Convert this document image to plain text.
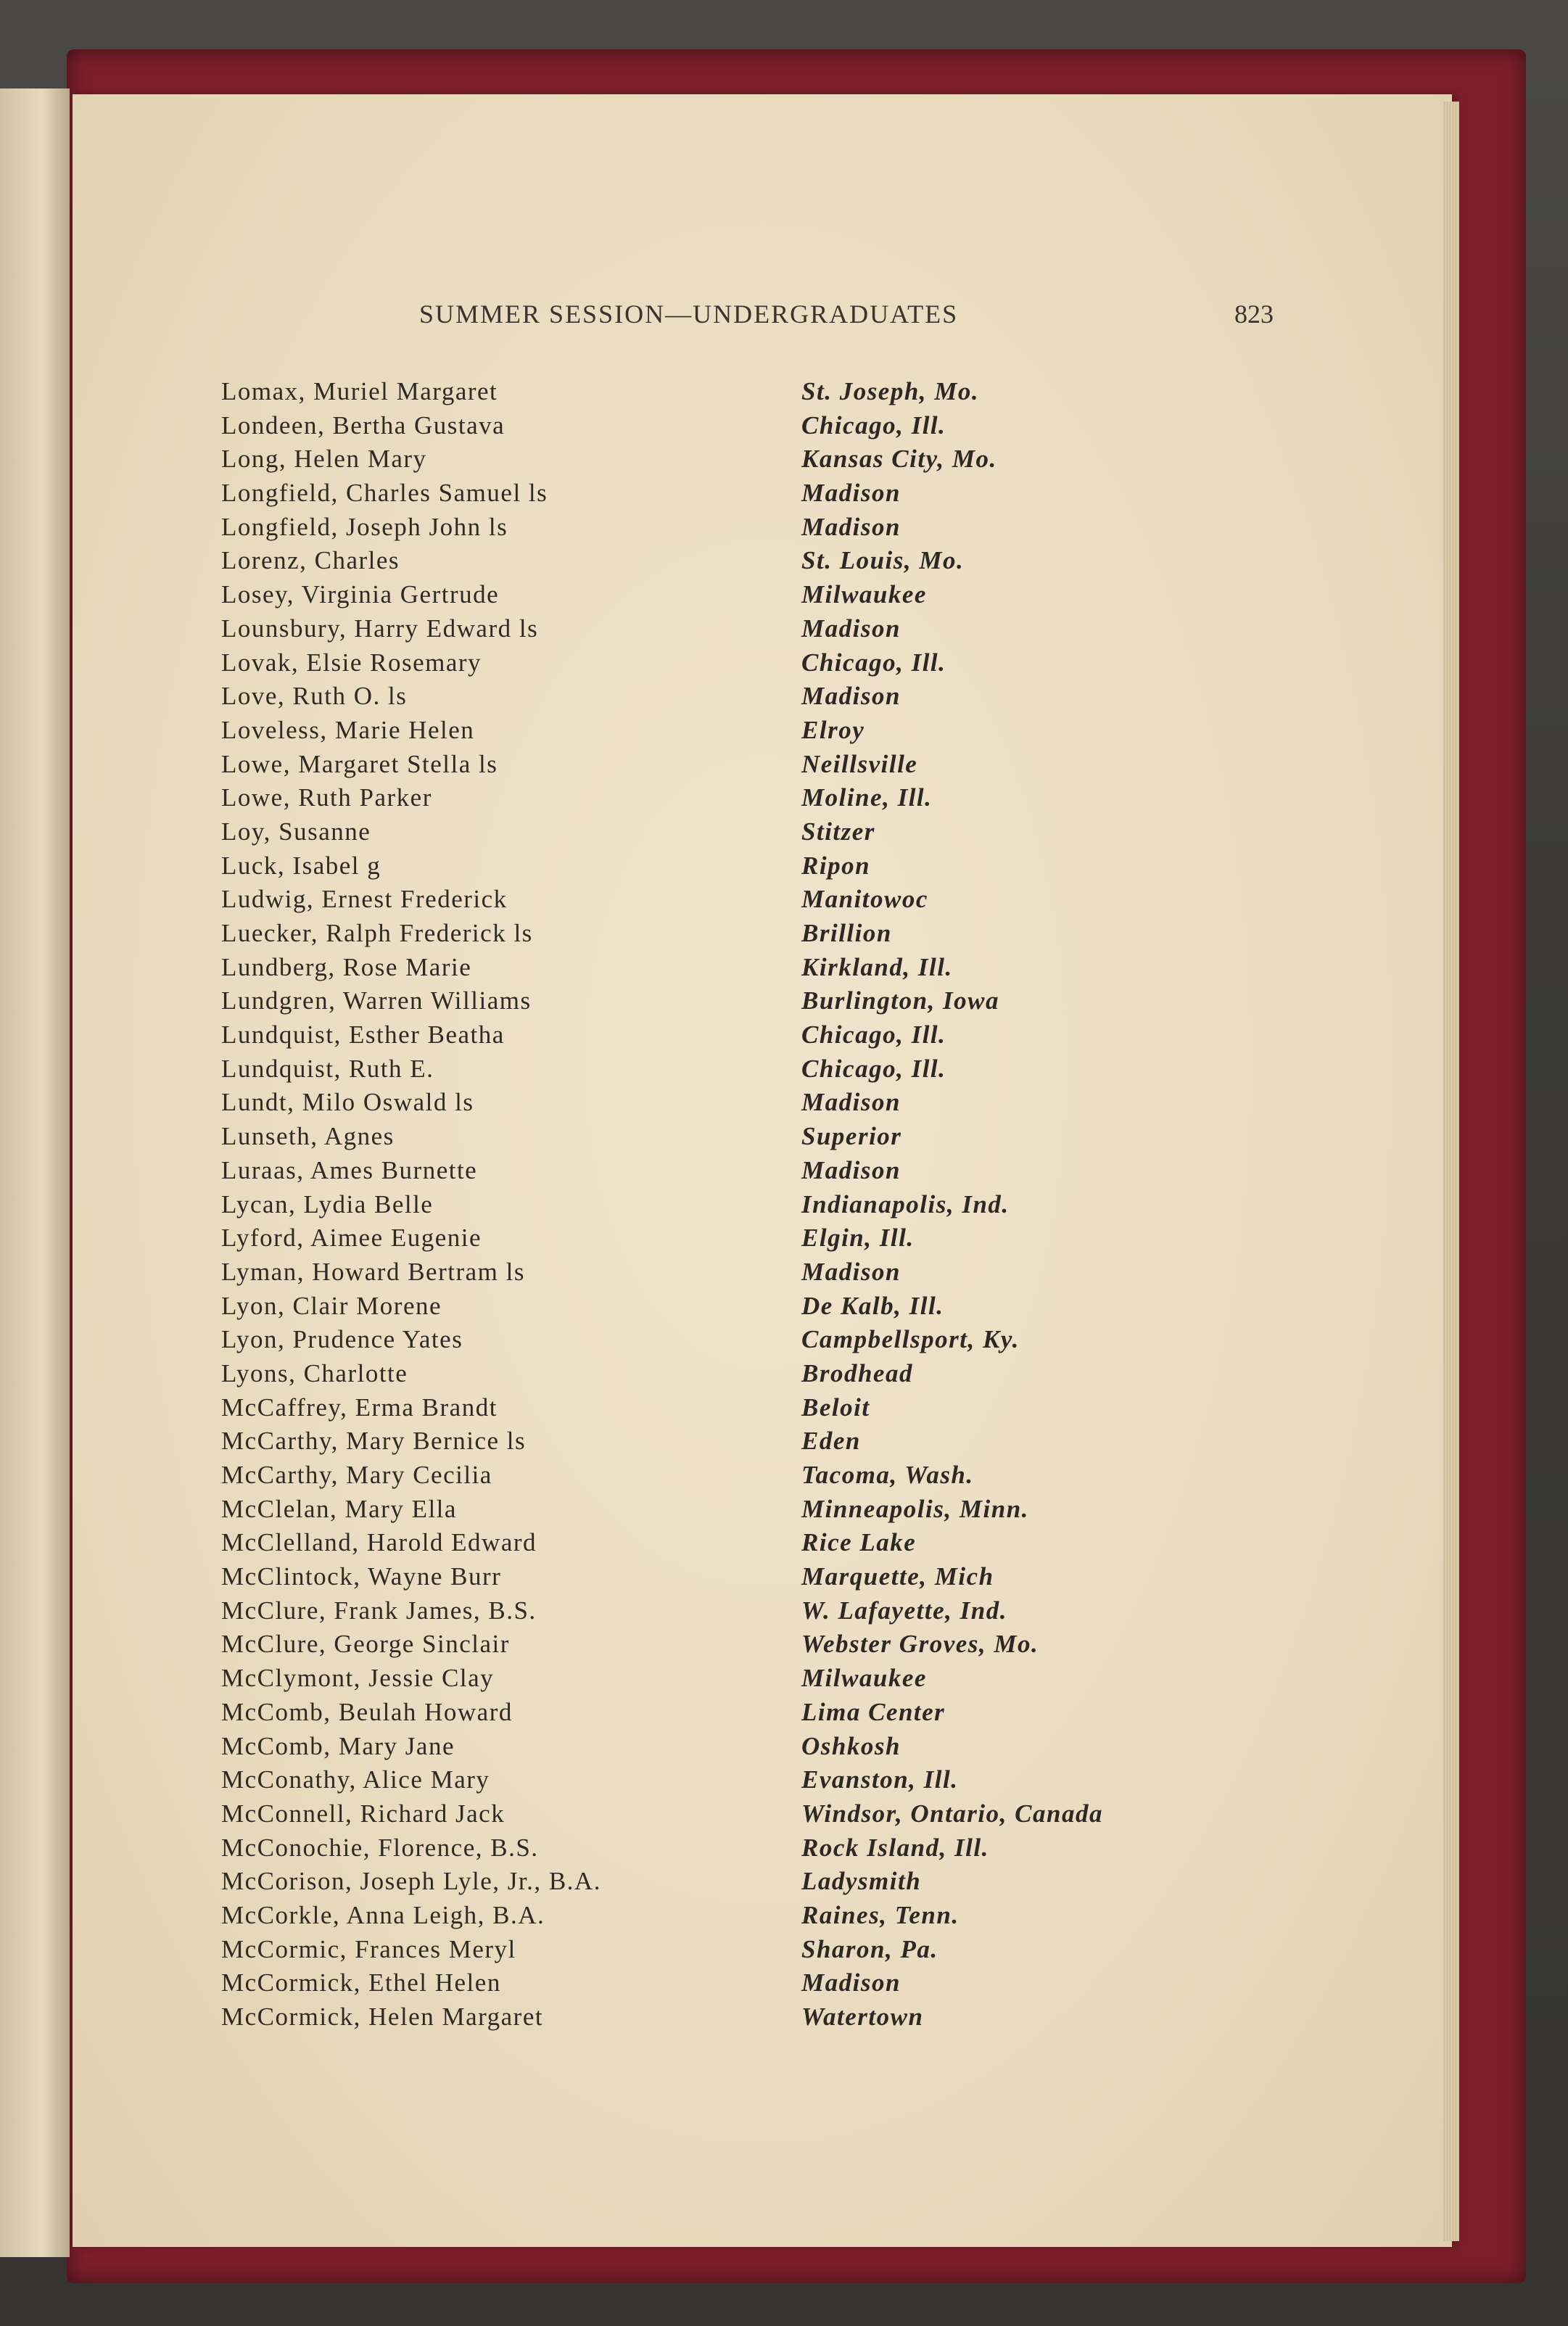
SUMMER SESSION—UNDERGRADUATES	823
Lomax, Muriel Margaret	St. Joseph, Mo.
Londeen, Bertha Gustava	Chicago, Ill.
Long, Helen Mary	Kansas City, Mo.
Longfield, Charles Samuel ls	Madison
Longfield, Joseph John ls	Madison
Lorenz, Charles	St. Louis, Mo.
Losey, Virginia Gertrude	Milwaukee
Lounsbury, Harry Edward ls	Madison
Lovak, Elsie Rosemary	Chicago, Ill.
Love, Ruth O. ls	Madison
Loveless, Marie Helen	Elroy
Lowe, Margaret Stella ls	Neillsville
Lowe, Ruth Parker	Moline, Ill.
Loy, Susanne	Stitzer
Luck, Isabel g	Ripon
Ludwig, Ernest Frederick	Manitowoc
Luecker, Ralph Frederick ls	Brillion
Lundberg, Rose Marie	Kirkland, Ill.
Lundgren, Warren Williams	Burlington, Iowa
Lundquist, Esther Beatha	Chicago, Ill.
Lundquist, Ruth E.	Chicago, Ill.
Lundt, Milo Oswald ls	Madison
Lunseth, Agnes	Superior
Luraas, Ames Burnette	Madison
Lycan, Lydia Belle	Indianapolis, Ind.
Lyford, Aimee Eugenie	Elgin, Ill.
Lyman, Howard Bertram ls	Madison
Lyon, Clair Morene	De Kalb, Ill.
Lyon, Prudence Yates	Campbellsport, Ky.
Lyons, Charlotte	Brodhead
McCaffrey, Erma Brandt	Beloit
McCarthy, Mary Bernice ls	Eden
McCarthy, Mary Cecilia	Tacoma, Wash.
McClelan, Mary Ella	Minneapolis, Minn.
McClelland, Harold Edward	Rice Lake
McClintock, Wayne Burr	Marquette, Mich
McClure, Frank James, B.S.	W. Lafayette, Ind.
McClure, George Sinclair	Webster Groves, Mo.
McClymont, Jessie Clay	Milwaukee
McComb, Beulah Howard	Lima Center
McComb, Mary Jane	Oshkosh
McConathy, Alice Mary	Evanston, Ill.
McConnell, Richard Jack	Windsor, Ontario, Canada
McConochie, Florence, B.S.	Rock Island, Ill.
McCorison, Joseph Lyle, Jr., B.A.	Ladysmith
McCorkle, Anna Leigh, B.A.	Raines, Tenn.
McCormic, Frances Meryl	Sharon, Pa.
McCormick, Ethel Helen	Madison
McCormick, Helen Margaret	Watertown
